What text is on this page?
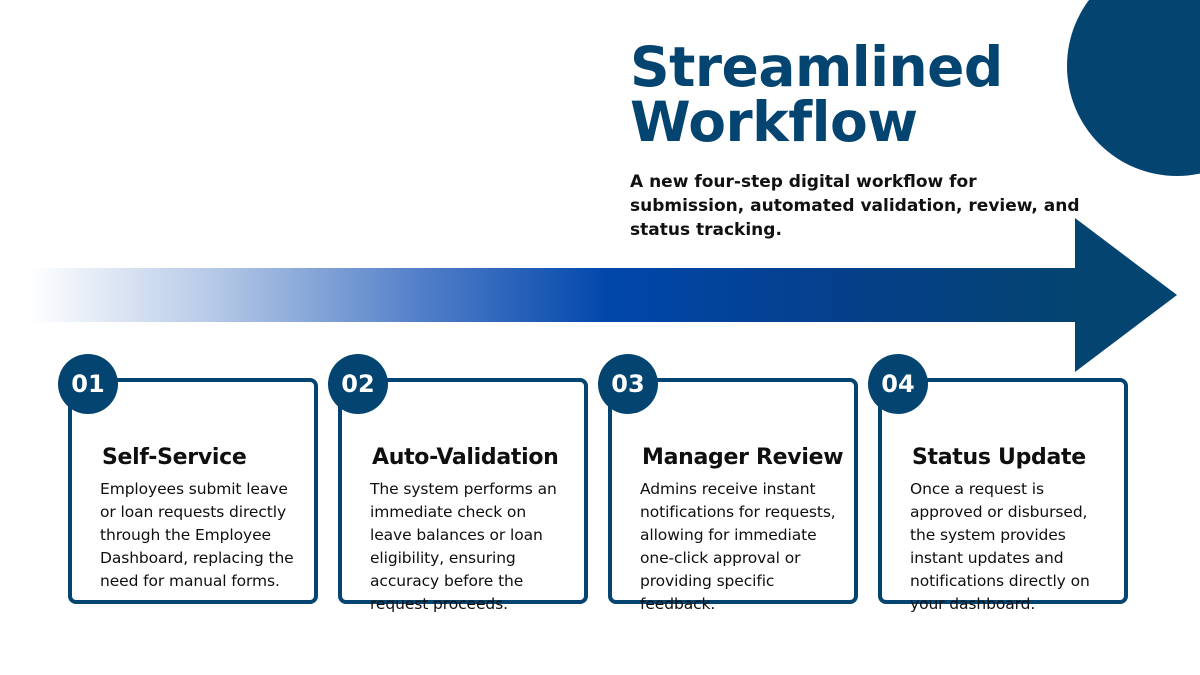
Streamlined
Workflow

A new four-step digital workflow for
submission, automated validation, review, and
status tracking.

01
Self-Service
Employees submit leave
or loan requests directly
through the Employee
Dashboard, replacing the
need for manual forms.
02
Auto-Validation
The system performs an
immediate check on
leave balances or loan
eligibility, ensuring
accuracy before the
request proceeds.
03
Manager Review
Admins receive instant
notifications for requests,
allowing for immediate
one-click approval or
providing specific
feedback.
04
Status Update
Once a request is
approved or disbursed,
the system provides
instant updates and
notifications directly on
your dashboard.
